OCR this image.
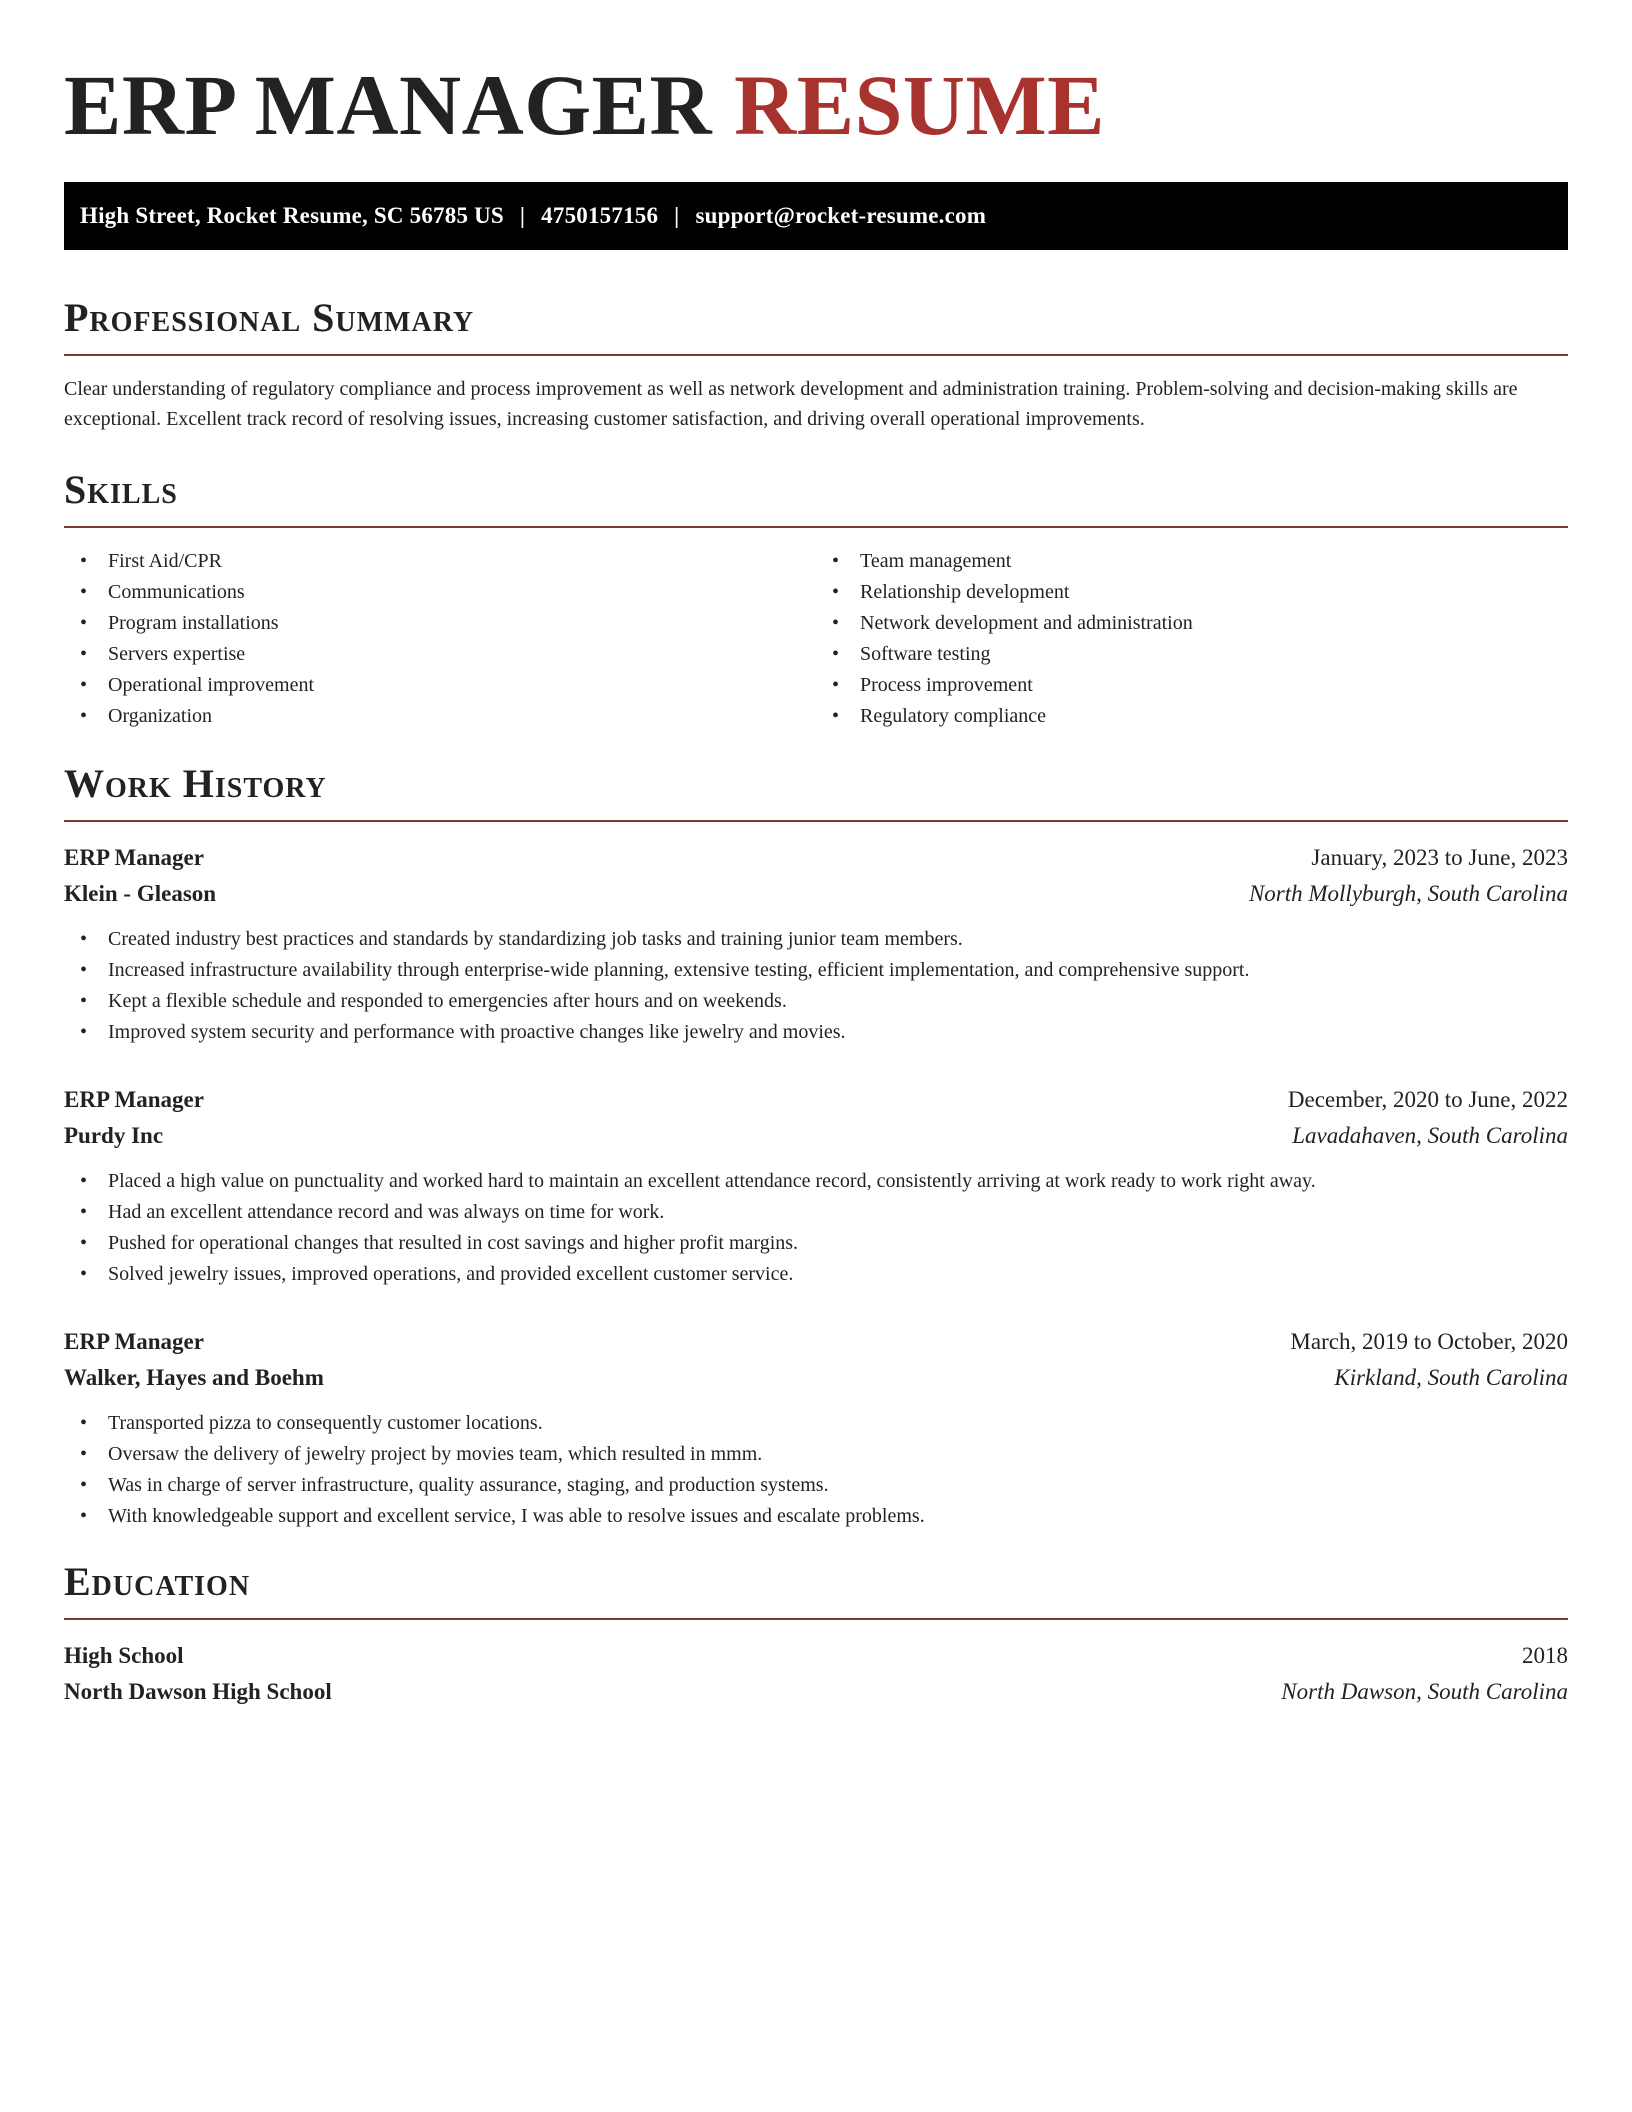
ERP MANAGER RESUME
High Street, Rocket Resume, SC 56785 US | 4750157156 | support@rocket-resume.com
Professional Summary

Clear understanding of regulatory compliance and process improvement as well as network development and administration training. Problem-solving and decision-making skills are exceptional. Excellent track record of resolving issues, increasing customer satisfaction, and driving overall operational improvements.

Skills
• First Aid/CPR
• Communications
• Program installations
• Servers expertise
• Operational improvement
• Organization
• Team management
• Relationship development
• Network development and administration
• Software testing
• Process improvement
• Regulatory compliance
Work History
ERP Manager	January, 2023 to June, 2023
Klein - Gleason	North Mollyburgh, South Carolina
• Created industry best practices and standards by standardizing job tasks and training junior team members.
• Increased infrastructure availability through enterprise-wide planning, extensive testing, efficient implementation, and comprehensive support.
• Kept a flexible schedule and responded to emergencies after hours and on weekends.
• Improved system security and performance with proactive changes like jewelry and movies.
ERP Manager	December, 2020 to June, 2022
Purdy Inc	Lavadahaven, South Carolina
• Placed a high value on punctuality and worked hard to maintain an excellent attendance record, consistently arriving at work ready to work right away.
• Had an excellent attendance record and was always on time for work.
• Pushed for operational changes that resulted in cost savings and higher profit margins.
• Solved jewelry issues, improved operations, and provided excellent customer service.
ERP Manager	March, 2019 to October, 2020
Walker, Hayes and Boehm	Kirkland, South Carolina
• Transported pizza to consequently customer locations.
• Oversaw the delivery of jewelry project by movies team, which resulted in mmm.
• Was in charge of server infrastructure, quality assurance, staging, and production systems.
• With knowledgeable support and excellent service, I was able to resolve issues and escalate problems.
Education
High School	2018
North Dawson High School	North Dawson, South Carolina
